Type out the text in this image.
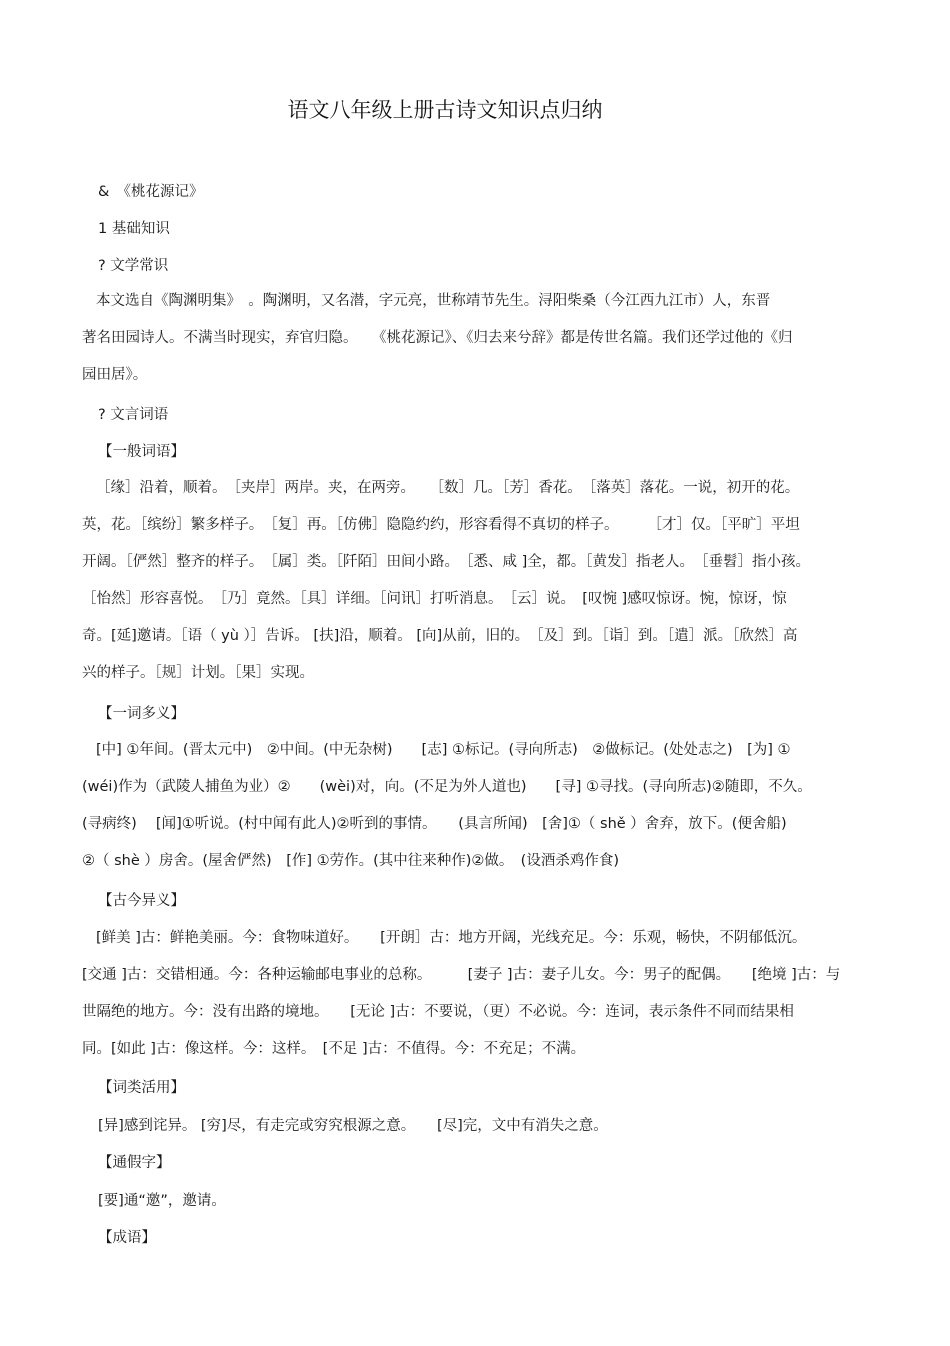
语文八年级上册古诗文知识点归纳
&　《桃花源记》
1 基础知识
? 文学常识
本文选自《陶渊明集》　。陶渊明，又名潜，字元亮，世称靖节先生。浔阳柴桑（今江西九江市）人，东晋
著名田园诗人。不满当时现实，弃官归隐。　　《桃花源记》、《归去来兮辞》都是传世名篇。我们还学过他的《归
园田居》。
? 文言词语
【一般词语】
［缘］沿着，顺着。　［夹岸］两岸。夹，在两旁。　　［数］几。［芳］香花。　［落英］落花。一说，初开的花。
英，花。［缤纷］繁多样子。　［复］再。［仿佛］隐隐约约，形容看得不真切的样子。　　　［才］仅。［平旷］平坦
开阔。［俨然］整齐的样子。　［属］类。［阡陌］田间小路。　［悉、咸 ]全，都。［黄发］指老人。　［垂髫］指小孩。
［怡然］形容喜悦。　［乃］竟然。［具］详细。［问讯］打听消息。　［云］说。　[叹惋 ]感叹惊讶。惋，惊讶，惊
奇。[延]邀请。［语（ yù ）］告诉。 [扶]沿，顺着。 [向]从前，旧的。　［及］到。［诣］到。［遣］派。［欣然］高
兴的样子。［规］计划。［果］实现。
【一词多义】
[中] ①年间。(晋太元中)　②中间。(中无杂树)　　[志] ①标记。(寻向所志)　②做标记。(处处志之)　[为] ①
(wéi)作为（武陵人捕鱼为业）②　　(wèi)对，向。(不足为外人道也)　　[寻] ①寻找。(寻向所志)②随即，不久。
(寻病终)　 [闻]①听说。(村中闻有此人)②听到的事情。　　(具言所闻)　[舍]①（ shě ）舍弃，放下。(便舍船)
②（ shè ）房舍。(屋舍俨然)　[作] ①劳作。(其中往来种作)②做。　(设酒杀鸡作食)
【古今异义】
[鲜美 ]古：鲜艳美丽。今：食物味道好。　　[开朗］古：地方开阔，光线充足。今：乐观，畅快，不阴郁低沉。
[交通 ]古：交错相通。今：各种运输邮电事业的总称。　　　[妻子 ]古：妻子儿女。今：男子的配偶。　　[绝境 ]古：与
世隔绝的地方。今：没有出路的境地。　　[无论 ]古：不要说，（更）不必说。今：连词，表示条件不同而结果相
同。[如此 ]古：像这样。今：这样。　[不足 ]古：不值得。今：不充足；不满。
【词类活用】
[异]感到诧异。 [穷]尽，有走完或穷究根源之意。　　[尽]完，文中有消失之意。
【通假字】
[要]通“邀”，邀请。
【成语】
